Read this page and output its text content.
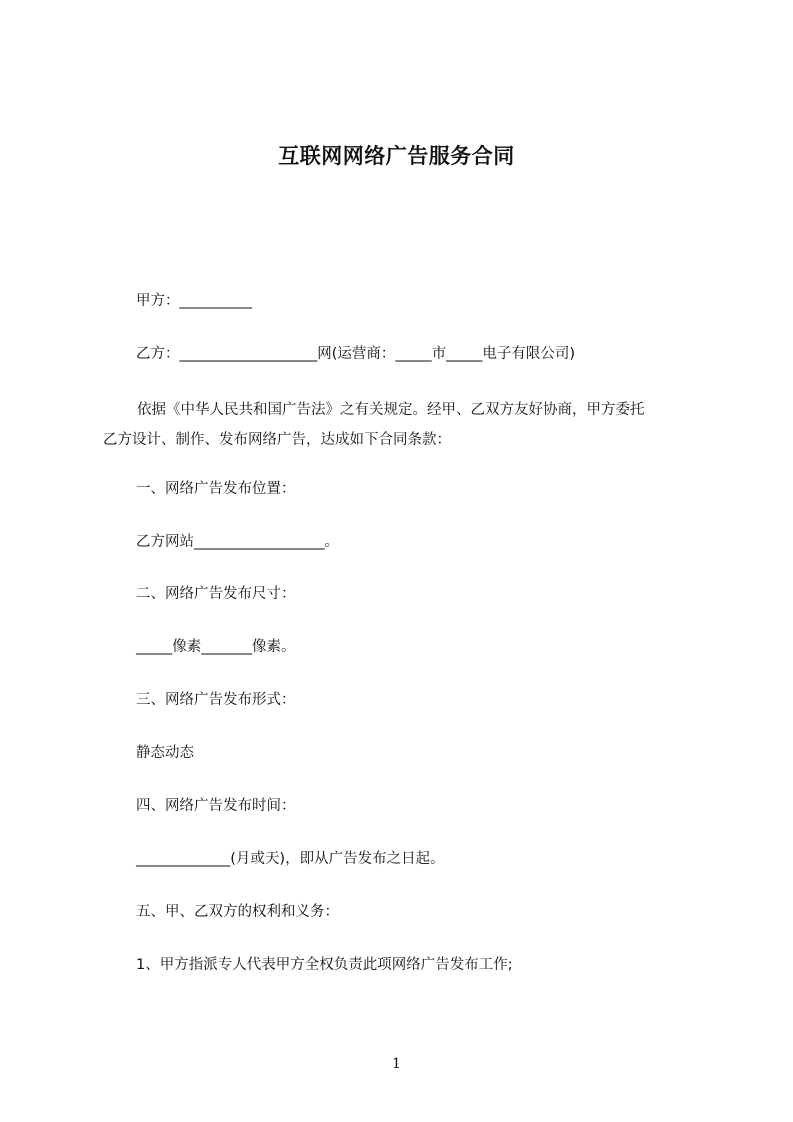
互联网网络广告服务合同
甲方：__________
乙方：___________________网(运营商：_____市_____电子有限公司)
依据《中华人民共和国广告法》之有关规定。经甲、乙双方友好协商，甲方委托
乙方设计、制作、发布网络广告，达成如下合同条款：
一、网络广告发布位置：
乙方网站__________________。
二、网络广告发布尺寸：
_____像素_______像素。
三、网络广告发布形式：
静态动态
四、网络广告发布时间：
_____________(月或天)，即从广告发布之日起。
五、甲、乙双方的权利和义务：
1、甲方指派专人代表甲方全权负责此项网络广告发布工作;
1
